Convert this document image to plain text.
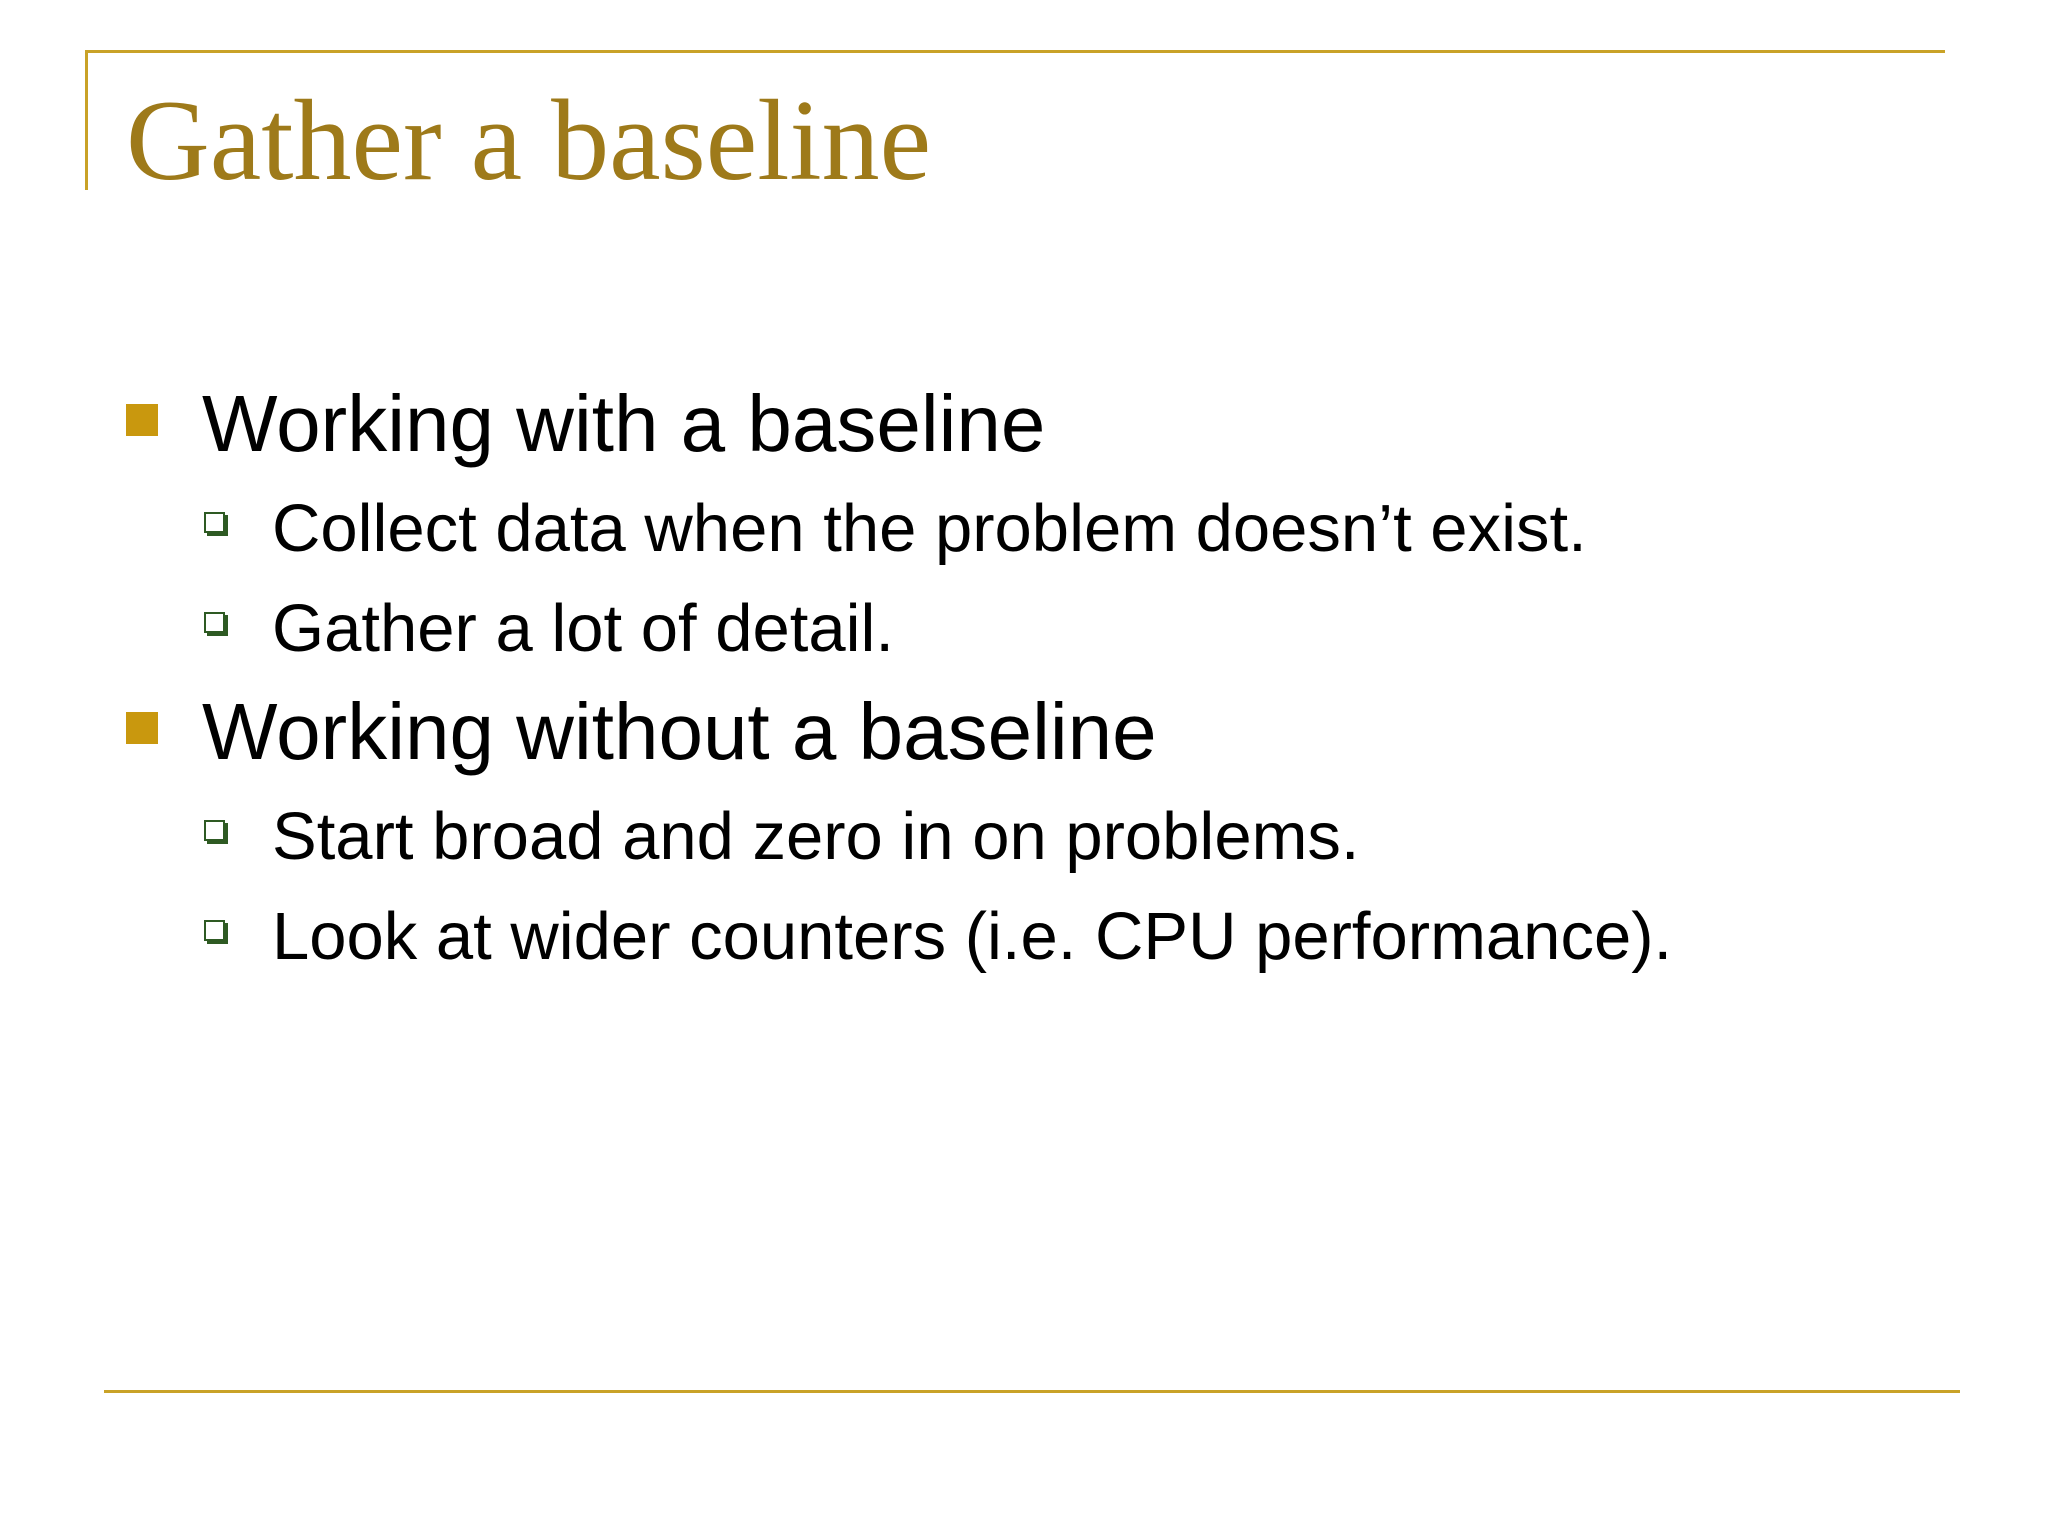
Gather a baseline
Working with a baseline
Collect data when the problem doesn’t exist.
Gather a lot of detail.
Working without a baseline
Start broad and zero in on problems.
Look at wider counters (i.e. CPU performance).
